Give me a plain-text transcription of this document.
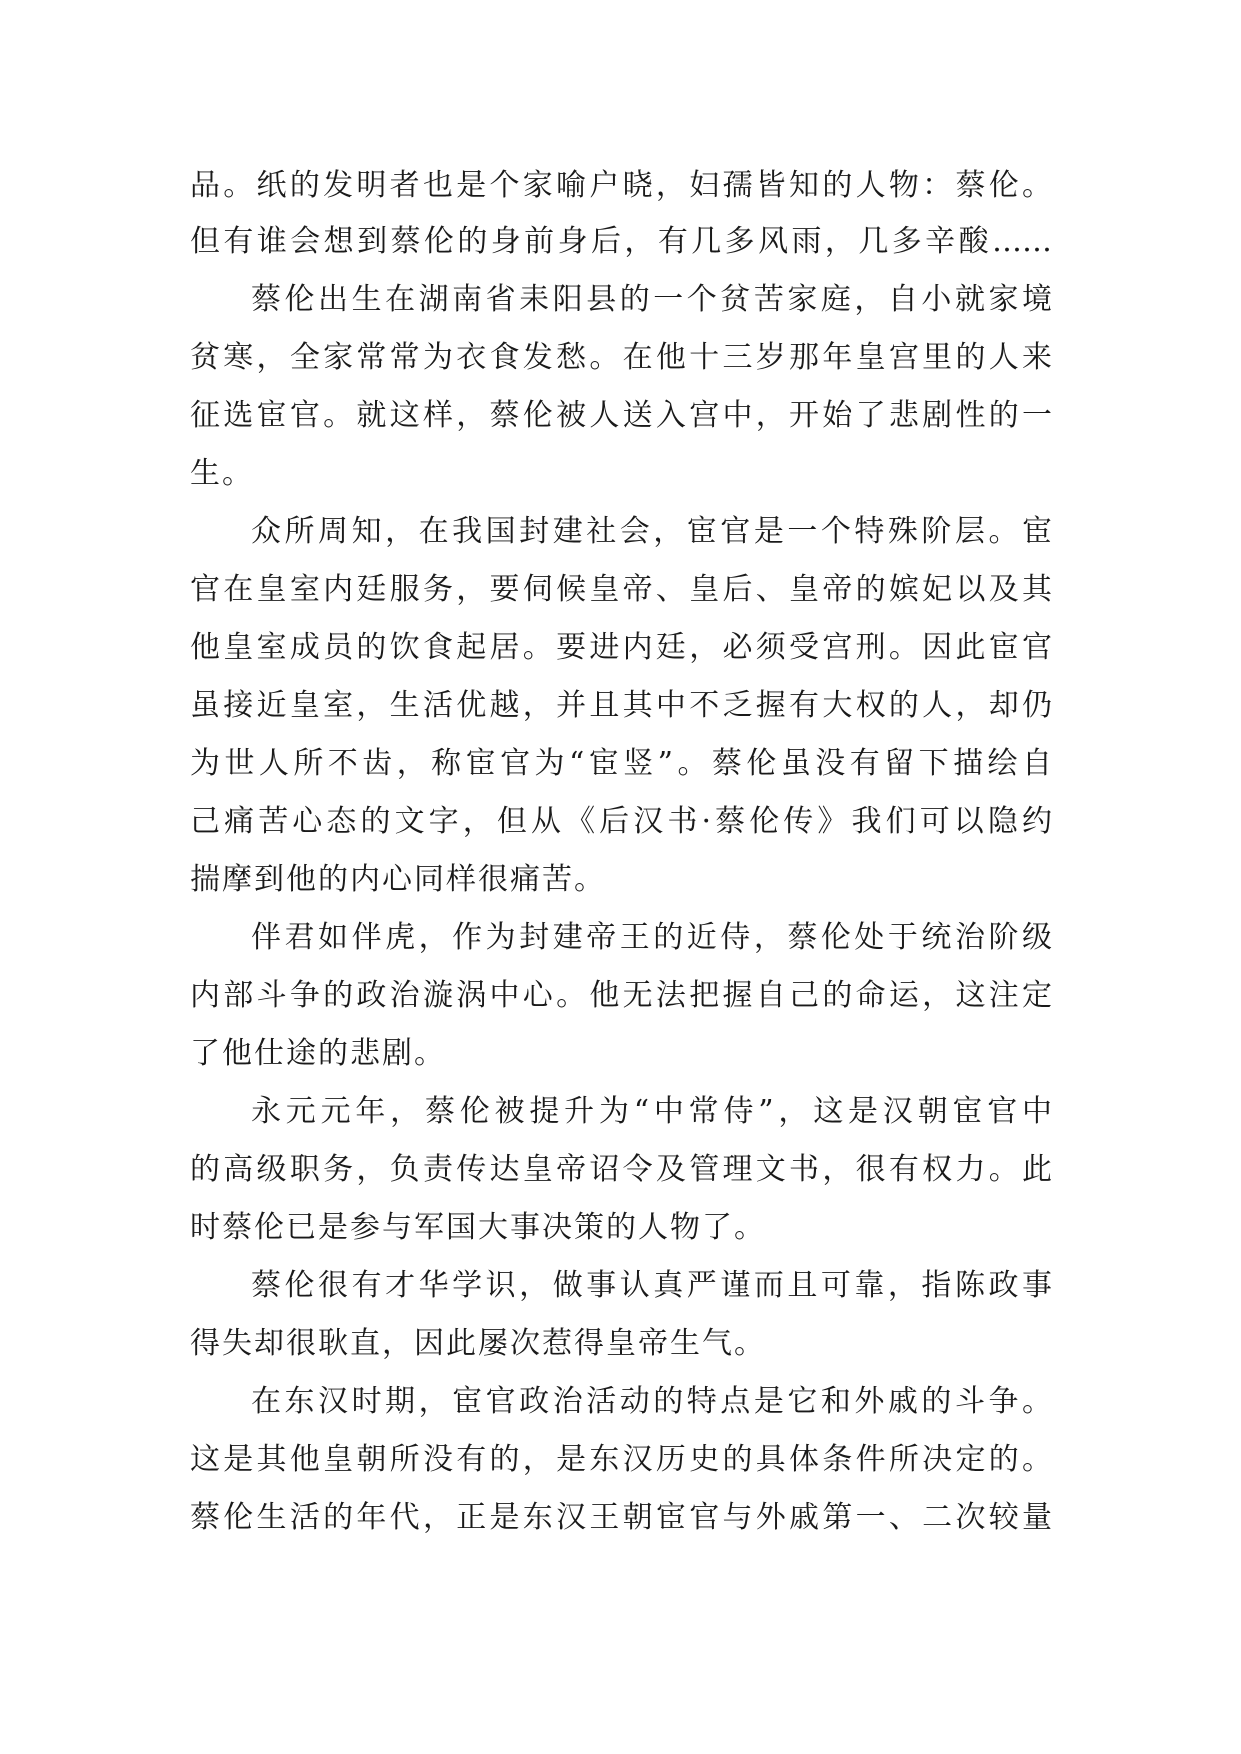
品。纸的发明者也是个家喻户晓，妇孺皆知的人物：蔡伦。
但有谁会想到蔡伦的身前身后，有几多风雨，几多辛酸……
蔡伦出生在湖南省耒阳县的一个贫苦家庭，自小就家境
贫寒，全家常常为衣食发愁。在他十三岁那年皇宫里的人来
征选宦官。就这样，蔡伦被人送入宫中，开始了悲剧性的一
生。
众所周知，在我国封建社会，宦官是一个特殊阶层。宦
官在皇室内廷服务，要伺候皇帝、皇后、皇帝的嫔妃以及其
他皇室成员的饮食起居。要进内廷，必须受宫刑。因此宦官
虽接近皇室，生活优越，并且其中不乏握有大权的人，却仍
为世人所不齿，称宦官为“宦竖”。蔡伦虽没有留下描绘自
己痛苦心态的文字，但从《后汉书·蔡伦传》我们可以隐约
揣摩到他的内心同样很痛苦。
伴君如伴虎，作为封建帝王的近侍，蔡伦处于统治阶级
内部斗争的政治漩涡中心。他无法把握自己的命运，这注定
了他仕途的悲剧。
永元元年，蔡伦被提升为“中常侍”，这是汉朝宦官中
的高级职务，负责传达皇帝诏令及管理文书，很有权力。此
时蔡伦已是参与军国大事决策的人物了。
蔡伦很有才华学识，做事认真严谨而且可靠，指陈政事
得失却很耿直，因此屡次惹得皇帝生气。
在东汉时期，宦官政治活动的特点是它和外戚的斗争。
这是其他皇朝所没有的，是东汉历史的具体条件所决定的。
蔡伦生活的年代，正是东汉王朝宦官与外戚第一、二次较量
